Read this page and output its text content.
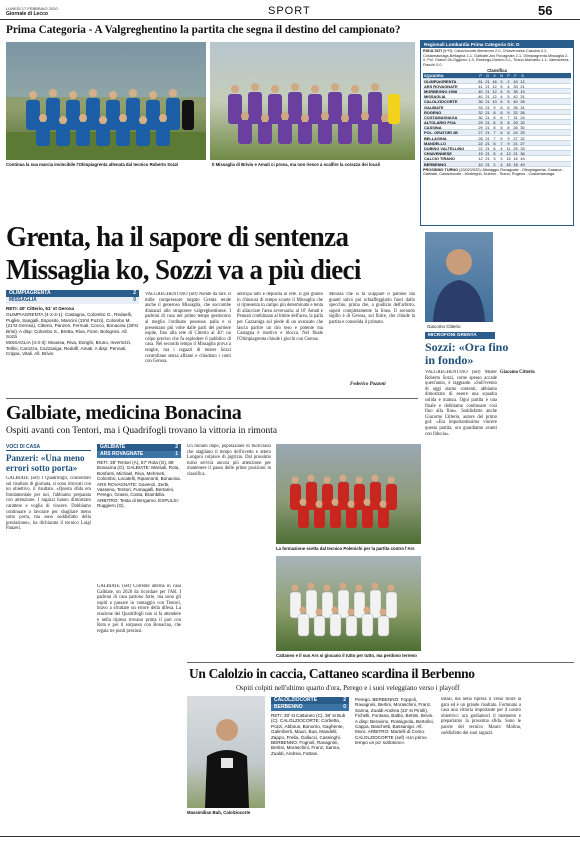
LUNEDÌ 17 FEBBRAIO 2020
Giornale di Lecco	SPORT	56
Prima Categoria - A Valgreghentino la partita che segna il destino del campionato?
Continua la sua marcia invincibile l'Olimpiagrenta allenata dal tecnico Roberto Sozzi	Il Missaglia di Brivio e Amati ci prova, ma non riesce a scalfire la corazza dei locali
Regionali Lombardia Prima Categoria Gir. D
RISULTATI (6^R): Calolziocorte-Berbenno 2-0, Chiavennese-Cassina 0-2, Costamasnaga-Bellagina 1-1, Galbiate-Ars Rovagnate 2-1, Olimpiagrenta-Missaglia 2-0, Pol. Oratori 2b-Oggiono 1-0, Rosengo-Dubino 0-1, Tirano-Mandello 1-1, Valmadrera-Fiaschi 0-0
Classifica
SQUADRA	P	G	V	N	P	F	S
OLIMPIAGRENTA	51 21 16 3	2 43 12
ARS ROVAGNATE	41 21 12 5	4 33 21
MORBEGNO 1908	40 21 12 4	5 35 19
MISSAGLIA	40 21 12 4	5 42 31
CALOLZIOCORTE	36 21 10 6	5 40 26
GALBIATE	33 21 9	6	6 35 31
ROGENO	32 21 8	8	5 32 26
COSTAMASNAGA	30 21 8	6	7 31 24
ALTOLARIO POA	29 21 8	5	8 29 32
CASSINA	29 21 8	5	8 26 30
POL. ORATORI 2B	27 21 7	6	8 24 25
BELLAGINA	26 21 7	5	9 27 32
MANDELLO	22 21 5	7	9 21 27
DUBINO VALTELLINO	22 21 6	4 11 25 33
CHIAVENNESE	19 21 5	4 12 21 36
CALCIO TIRANO	12 21 3	3 15 16 43
BERBENNO	10 21 2	4 15 18 49
PROSSIMO TURNO (23/02/2020): Altolaggio Rovagnate - Olimpiagrenta, Cassina - Galbiate, Calolziocorte - Morbegno, Dubino - Tirano, Rogeno - Costamasnaga
Grenta, ha il sapore di sentenza
Missaglia ko, Sozzi va a più dieci
OLIMPIAGRENTA	2
MISSAGLIA	0
RETI: 40' Citterio, 51' st Gerosa
OLIMPIAGRENTA (4-2-3-1): Castagna, Colombo G., Redaelli, Puglisi, Sangalli, Esposito, Mancini (19'st Pozzi), Colombo M. (21'st Gerosa), Citterio, Panzeri, Fermati, Cocco, Bonacina (28'st Brini). A disp: Colombo S., Bretta, Riva, Fiore, Bolognini. All. Sozzi
MISSAGLIA (4-3-3): Moussa, Riva, Donghi, Bruno, Invernizzi, Tellini, Carozza, Cazzaniga, Redolfi, Amati. A disp: Pennati, Crippa, Vitali. All. Brivio
VALGREGHENTINO (sef) Niente da fare. Il mille compressore targato Grenta rende anche il generoso Missaglia, che soccombe dinnanzi allo strapotere valgreghentinese. I padroni di casa nel primo tempo gestiscono al meglio l'ordinato possesso palla e si presentano più volte dalle parti del portiere ospite, fino alla rete di Citterio al 40': un colpo preciso che fa esplodere il pubblico di casa. Nel secondo tempo il Missaglia prova a reagire, ma i ragazzi di mister Sozzi controllano senza affanni e chiudono i conti con Gerosa.
anticipa tutti e deposita in rete. Il gol giunto in chiusura di tempo scuote il Missaglia che si ripresenta in campo più determinato e tenta di allacciare l'area avversaria: al 16' Amati e Pennati combinano al limite dell'area, la palla per Cazzaniga sul piede di un avanzato che lascia partire un tiro teso e potente ma Castagna è reattivo e blocca. Nel finale l'Olimpiagrenta chiude i giochi con Gerosa.
Moussa che si fa scappare il pallone dai guanti salvo poi schiaffeggiarlo fuori dallo specchio, prima che, a giudizio dell'arbitro, superi completamente la linea. Il secondo sigillo è di Gerosa, sul finire, che chiude la partita e consolida il primato.
Federico Pozzoni
Giacomo Citterio
MICROFONI GRENTA
Sozzi: «Ora fino in fondo»
VALGREGHENTINO (sef) Mister Roberto Sozzi, come spesso accade quest'anno, è raggiante. «Sull'evento di oggi siamo contenti, abbiamo dimostrato di essere una squadra solida e matura. Ogni partita è una finale e dobbiamo continuare così fino alla fine». Soddisfatto anche Giacomo Citterio, autore del primo gol: «Era importantissimo vincere questa partita, ora guardiamo avanti con fiducia».
Giacomo Citterio
Galbiate, medicina Bonacina
Ospiti avanti con Tentori, ma i Quadrifogli trovano la vittoria in rimonta
VOCI DI CASA
Panzeri: «Una meno errori sotto porta»
GALBIATE (sef) I Quadrifogli, concentrati sul risultato di giornata, si sono ritrovati con un obiettivo, il risultato. «Questa sfida era fondamentale per noi, l'abbiamo preparata con attenzione. I ragazzi hanno dimostrato carattere e voglia di vincere. Dobbiamo continuare a lavorare per sbagliare meno sotto porta, ma sono soddisfatto della prestazione», ha dichiarato il tecnico Luigi Panzeri.
GALBIATE	2
ARS ROVAGNATE	1
RETI: 38' Tentori (A), 57' Rota (G), 85' Bonacina (G). GALBIATE: Marsali, Rota, Bonfanti, Michael, Riva, Mehmeti, Colombo, Locatelli, Ripamonti, Bonacina. ARS ROVAGNATE: Gavenzi, Zerbi, Vassena, Tentori, Fumagalli, Bertarini, Perego, Grassi, Costa, Brambilla. ARBITRO: Testa di Bergamo. ESPULSI: Ruggiero (G).
GALBIATE (sef) Corrente alterna in casa Galbiate, un 2020 da ricordare per l'AR. I padroni di casa partono forte, ma sono gli ospiti a passare in vantaggio con Tentori, bravo a sfruttare un errore della difesa. La reazione dei Quadrifogli non si fa attendere e nella ripresa trovano prima il pari con Rota e poi il sorpasso con Bonacina, che regala tre punti preziosi.
Un minuto dopo, popolazione di fuoriclassi che stagliano il tempo dell'ovetto e attero Longoni colpisce di pigrizio. Dal prossimo turno servirà ancora più attenzione per mantenere il passo delle prime posizioni in classifica.
La formazione scelta dal tecnico Polenichi per la partita contro l'Ars
Cattaneo e il suo Ars si giocano il tutto per tutto, ma perdono terreno
Un Calolzio in caccia, Cattaneo scardina il Berbenno
Ospiti colpiti nell'ultimo quarto d'ora, Perego e i suoi veleggiano verso i playoff
Massimilian Bub, Calolziocorte
CALOLZIOCORTE	2
BERBENNO	0
RETI: 30' st Cattaneo (C), 38' st Bub (C). CALOLZIOCORTE: Corbetta, Pozzi, Abbous, Bonomo, Gaghente, Galimberti, Mauri, Bua, Mandelli, Zappo, Frella, Gallucci, Cassinghi. BERBENNO: Fognoli, Ravagnini, Bertini, Moraschini, Franz, Sanna, Zualdi, Andrea, Fattani.
Perego. BERBENNO: Foppoli, Ravagnini, Bertini, Moraschini, Franz, Sanna, Zualdi Andrea (22' st Pirolli), Fichelli, Fontana, Balbo, Bettini, Brivio. A disp: Beravino, Rossignola, Bertolini, Cappa, Baschetti, Bassanigo. All. Moro. ARBITRO: Martelli di Como. CALOLZIOCORTE (sef) «Un primo tempo un po' sottotono».
ostasi, ma nella ripresa il verso finire la gara ed è un grande risultato. Fortunato a casa una vittoria importante per il nostro obiettivo: ora godiamoci il momento e prepariamo la prossima sfida. Sono le parole del tecnico Mauro Molina, soddisfatto dei suoi ragazzi.
